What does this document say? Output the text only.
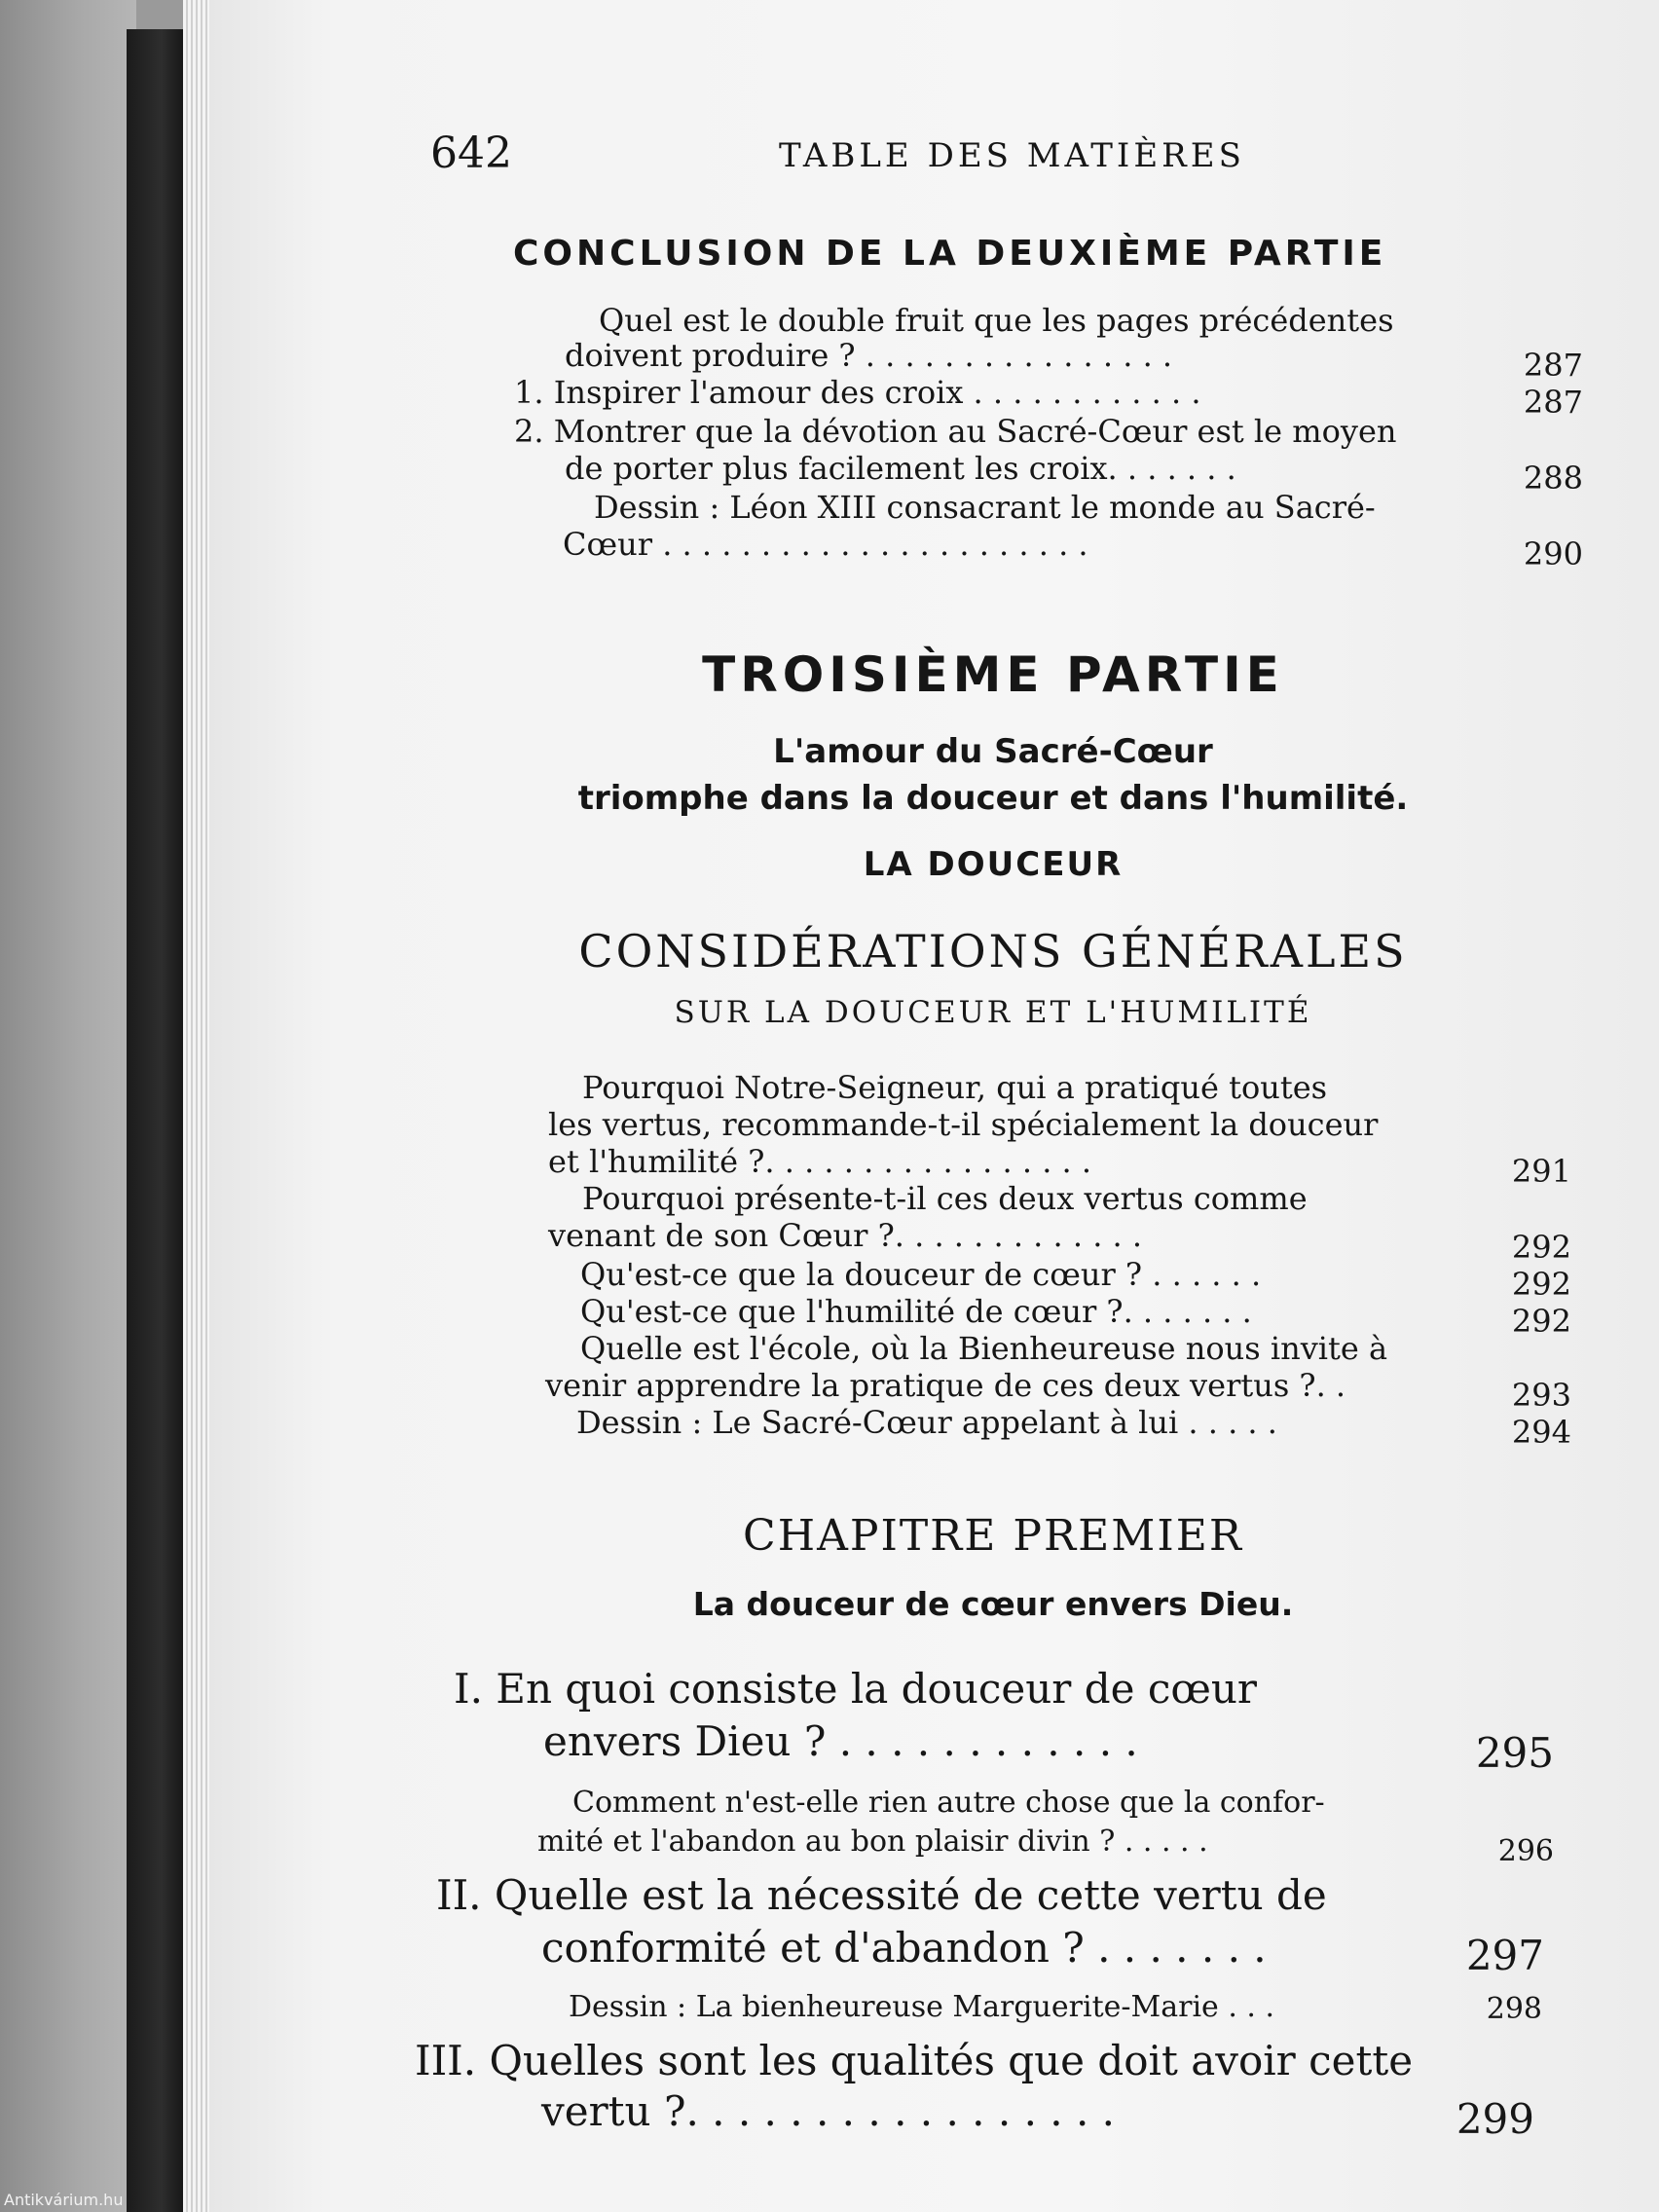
642	TABLE DES MATIÈRES
CONCLUSION DE LA DEUXIÈME PARTIE
Quel est le double fruit que les pages précédentes
doivent produire ? . . . . . . . . . . . . . . . .	287
1. Inspirer l'amour des croix . . . . . . . . . . . .	287
2. Montrer que la dévotion au Sacré-Cœur est le moyen
de porter plus facilement les croix. . . . . . .	288
Dessin : Léon XIII consacrant le monde au Sacré-
Cœur . . . . . . . . . . . . . . . . . . . . . .	290
TROISIÈME PARTIE
L'amour du Sacré-Cœur
triomphe dans la douceur et dans l'humilité.
LA DOUCEUR
CONSIDÉRATIONS GÉNÉRALES
SUR LA DOUCEUR ET L'HUMILITÉ
Pourquoi Notre-Seigneur, qui a pratiqué toutes
les vertus, recommande-t-il spécialement la douceur
et l'humilité ?. . . . . . . . . . . . . . . . .	291
Pourquoi présente-t-il ces deux vertus comme
venant de son Cœur ?. . . . . . . . . . . . .	292
Qu'est-ce que la douceur de cœur ? . . . . . .	292
Qu'est-ce que l'humilité de cœur ?. . . . . . .	292
Quelle est l'école, où la Bienheureuse nous invite à
venir apprendre la pratique de ces deux vertus ?. .	293
Dessin : Le Sacré-Cœur appelant à lui . . . . .	294
CHAPITRE PREMIER
La douceur de cœur envers Dieu.
I. En quoi consiste la douceur de cœur
envers Dieu ? . . . . . . . . . . . .	295
Comment n'est-elle rien autre chose que la confor-
mité et l'abandon au bon plaisir divin ? . . . . .	296
II. Quelle est la nécessité de cette vertu de
conformité et d'abandon ? . . . . . . .	297
Dessin : La bienheureuse Marguerite-Marie . . .	298
III. Quelles sont les qualités que doit avoir cette
vertu ?. . . . . . . . . . . . . . . . .	299
Antikvárium.hu
